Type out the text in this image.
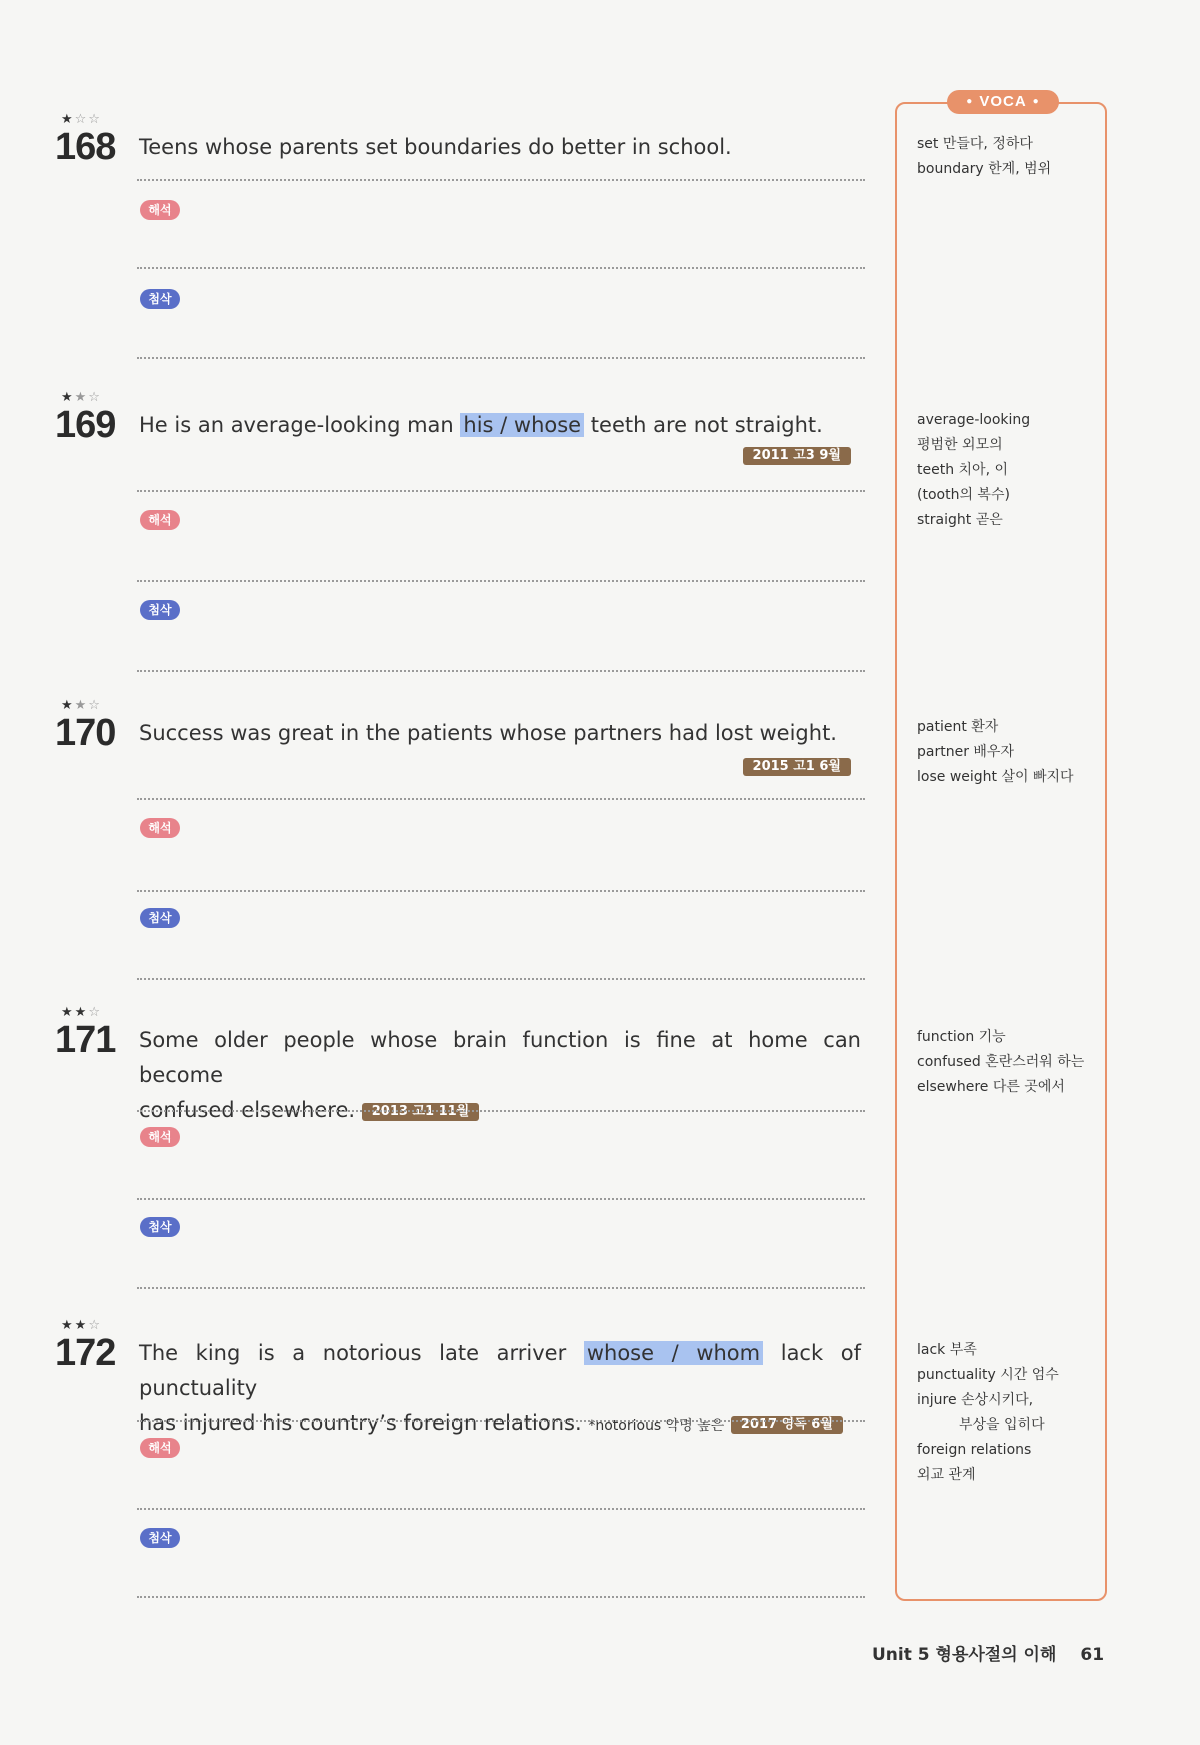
★☆☆
168 Teens whose parents set boundaries do better in school.
해석
첨삭
★★☆
169 He is an average-looking man his / whose teeth are not straight.
2011 고3 9월
해석
첨삭
★★☆
170 Success was great in the patients whose partners had lost weight.
2015 고1 6월
해석
첨삭
★★☆
171 Some older people whose brain function is fine at home can become
confused elsewhere. 2013 고1 11월
해석
첨삭
★★☆
172 The king is a notorious late arriver whose / whom lack of punctuality
has injured his country’s foreign relations. *notorious 악명 높은 2017 영독 6월
해석
첨삭
● VOCA ●
set 만들다, 정하다
boundary 한계, 범위
average-looking
평범한 외모의
teeth 치아, 이
(tooth의 복수)
straight 곧은
patient 환자
partner 배우자
lose weight 살이 빠지다
function 기능
confused 혼란스러워 하는
elsewhere 다른 곳에서
lack 부족
punctuality 시간 엄수
injure 손상시키다,
부상을 입히다
foreign relations
외교 관계
Unit 5 형용사절의 이해 61
